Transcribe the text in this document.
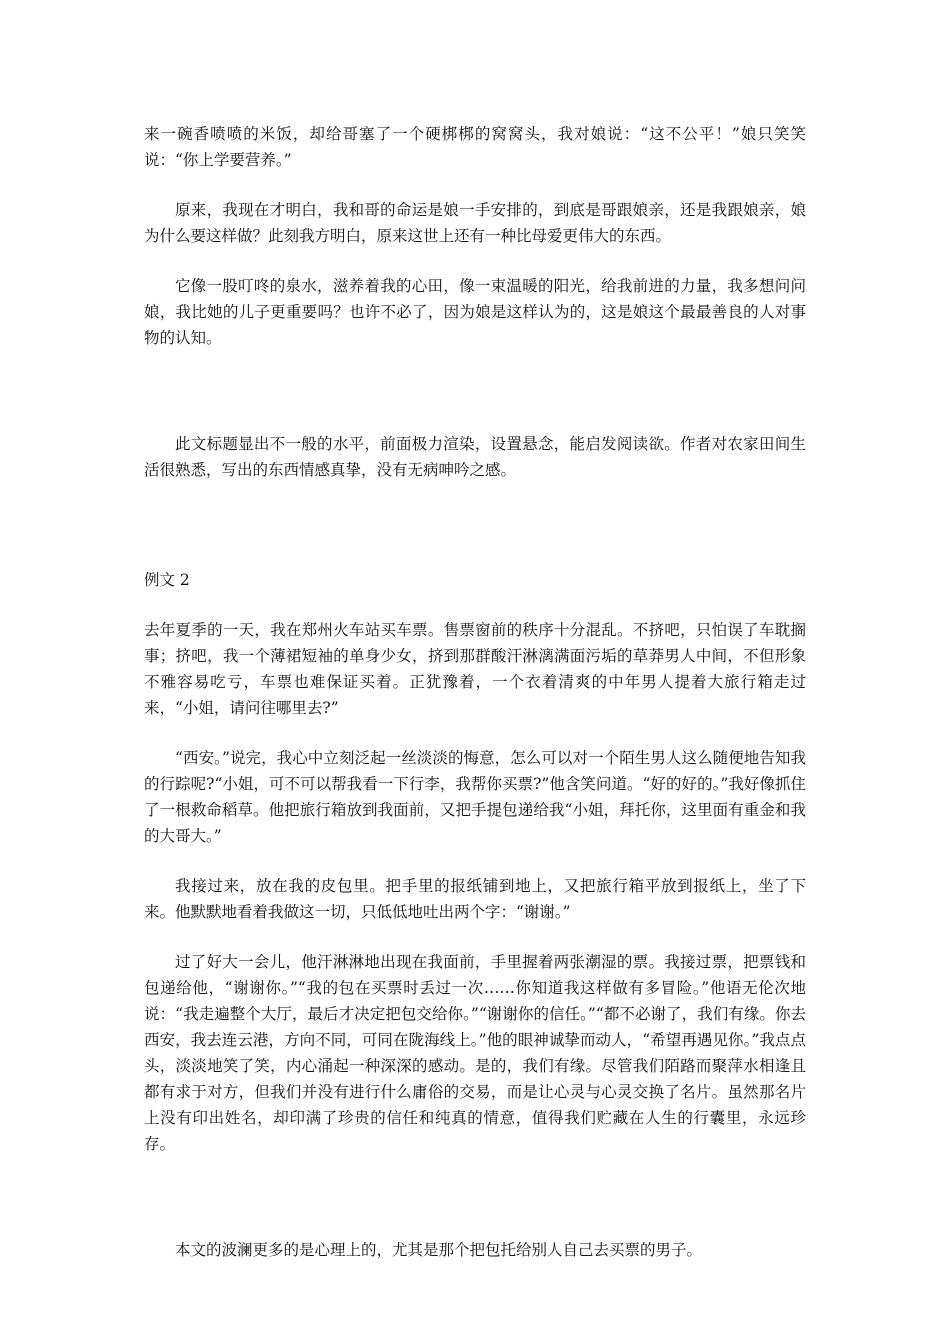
来一碗香喷喷的米饭，却给哥塞了一个硬梆梆的窝窝头，我对娘说：“这不公平！”娘只笑笑说：“你上学要营养。”

原来，我现在才明白，我和哥的命运是娘一手安排的，到底是哥跟娘亲，还是我跟娘亲，娘为什么要这样做？此刻我方明白，原来这世上还有一种比母爱更伟大的东西。

它像一股叮咚的泉水，滋养着我的心田，像一束温暖的阳光，给我前进的力量，我多想问问娘，我比她的儿子更重要吗？也许不必了，因为娘是这样认为的，这是娘这个最最善良的人对事物的认知。

此文标题显出不一般的水平，前面极力渲染，设置悬念，能启发阅读欲。作者对农家田间生活很熟悉，写出的东西情感真挚，没有无病呻吟之感。

例文 2

去年夏季的一天，我在郑州火车站买车票。售票窗前的秩序十分混乱。不挤吧，只怕误了车耽搁事；挤吧，我一个薄裙短袖的单身少女，挤到那群酸汗淋漓满面污垢的草莽男人中间，不但形象不雅容易吃亏，车票也难保证买着。正犹豫着，一个衣着清爽的中年男人提着大旅行箱走过来，“小姐，请问往哪里去?”

“西安。”说完，我心中立刻泛起一丝淡淡的悔意，怎么可以对一个陌生男人这么随便地告知我的行踪呢?“小姐，可不可以帮我看一下行李，我帮你买票?”他含笑问道。“好的好的。”我好像抓住了一根救命稻草。他把旅行箱放到我面前，又把手提包递给我“小姐，拜托你，这里面有重金和我的大哥大。”

我接过来，放在我的皮包里。把手里的报纸铺到地上，又把旅行箱平放到报纸上，坐了下来。他默默地看着我做这一切，只低低地吐出两个字：“谢谢。”

过了好大一会儿，他汗淋淋地出现在我面前，手里握着两张潮湿的票。我接过票，把票钱和包递给他，“谢谢你。”“我的包在买票时丢过一次……你知道我这样做有多冒险。”他语无伦次地说：“我走遍整个大厅，最后才决定把包交给你。”“谢谢你的信任。”“都不必谢了，我们有缘。你去西安，我去连云港，方向不同，可同在陇海线上。”他的眼神诚挚而动人，“希望再遇见你。”我点点头，淡淡地笑了笑，内心涌起一种深深的感动。是的，我们有缘。尽管我们陌路而聚萍水相逢且都有求于对方，但我们并没有进行什么庸俗的交易，而是让心灵与心灵交换了名片。虽然那名片上没有印出姓名，却印满了珍贵的信任和纯真的情意，值得我们贮藏在人生的行囊里，永远珍存。

本文的波澜更多的是心理上的，尤其是那个把包托给别人自己去买票的男子。
